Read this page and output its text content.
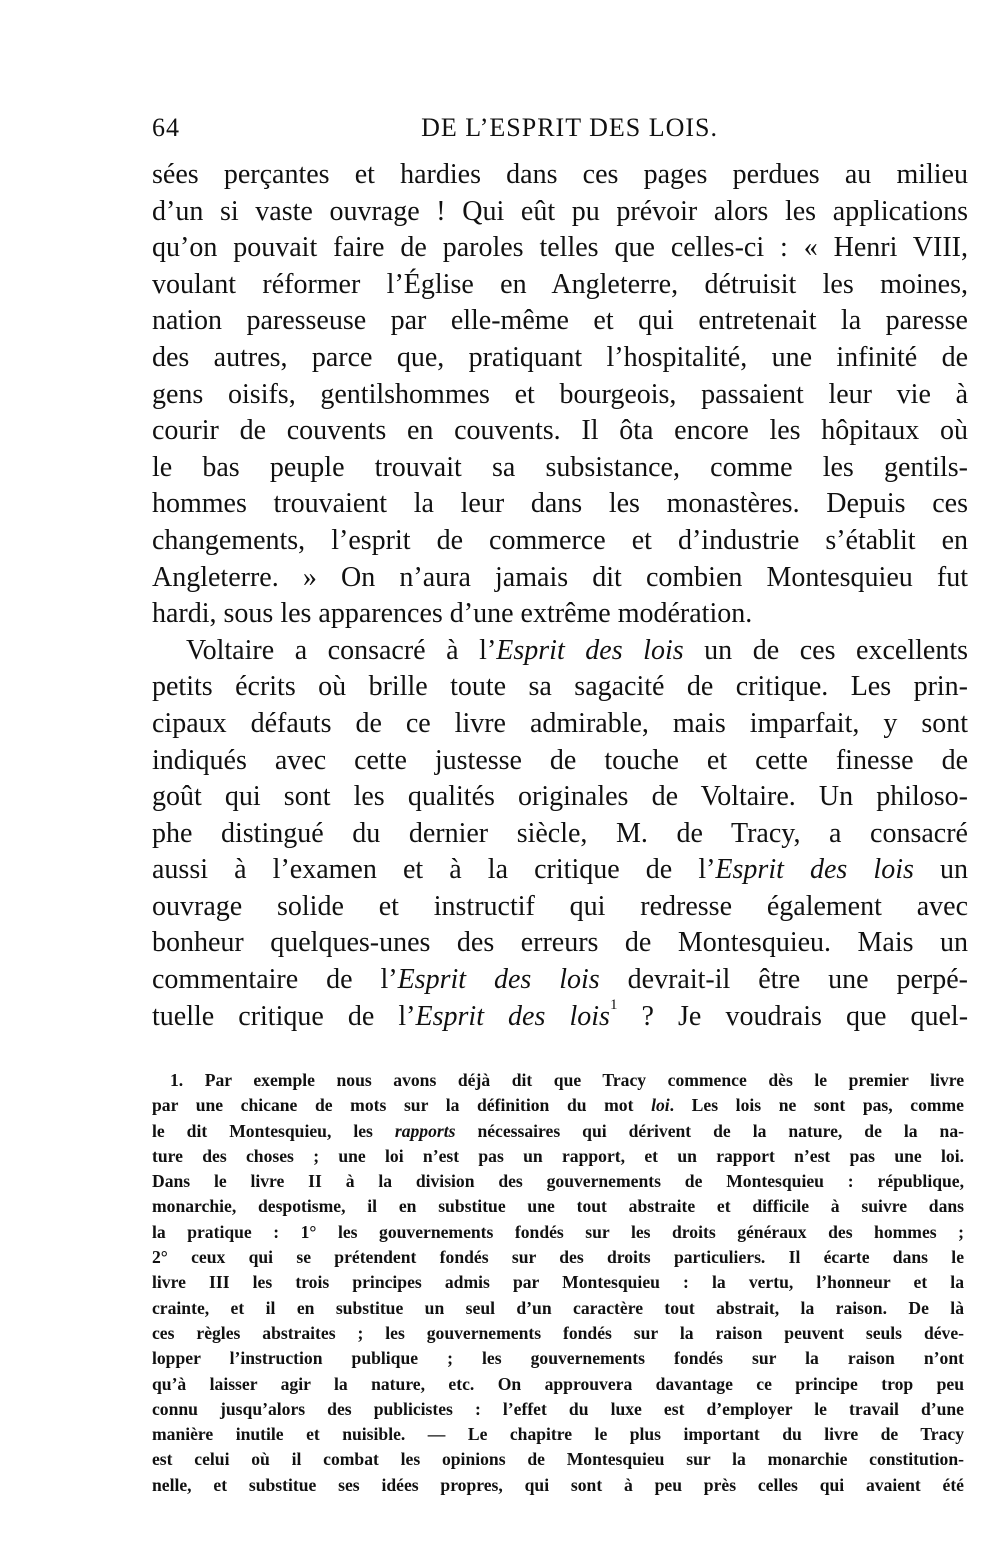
64	DE L’ESPRIT DES LOIS.
sées perçantes et hardies dans ces pages perdues au milieu
d’un si vaste ouvrage ! Qui eût pu prévoir alors les applications
qu’on pouvait faire de paroles telles que celles-ci : « Henri VIII,
voulant réformer l’Église en Angleterre, détruisit les moines,
nation paresseuse par elle-même et qui entretenait la paresse
des autres, parce que, pratiquant l’hospitalité, une infinité de
gens oisifs, gentilshommes et bourgeois, passaient leur vie à
courir de couvents en couvents. Il ôta encore les hôpitaux où
le bas peuple trouvait sa subsistance, comme les gentils-
hommes trouvaient la leur dans les monastères. Depuis ces
changements, l’esprit de commerce et d’industrie s’établit en
Angleterre. » On n’aura jamais dit combien Montesquieu fut
hardi, sous les apparences d’une extrême modération.
Voltaire a consacré à l’Esprit des lois un de ces excellents
petits écrits où brille toute sa sagacité de critique. Les prin-
cipaux défauts de ce livre admirable, mais imparfait, y sont
indiqués avec cette justesse de touche et cette finesse de
goût qui sont les qualités originales de Voltaire. Un philoso-
phe distingué du dernier siècle, M. de Tracy, a consacré
aussi à l’examen et à la critique de l’Esprit des lois un
ouvrage solide et instructif qui redresse également avec
bonheur quelques-unes des erreurs de Montesquieu. Mais un
commentaire de l’Esprit des lois devrait-il être une perpé-
tuelle critique de l’Esprit des lois$^1$ ? Je voudrais que quel-
1. Par exemple nous avons déjà dit que Tracy commence dès le premier livre
par une chicane de mots sur la définition du mot loi. Les lois ne sont pas, comme
le dit Montesquieu, les rapports nécessaires qui dérivent de la nature, de la na-
ture des choses ; une loi n’est pas un rapport, et un rapport n’est pas une loi.
Dans le livre II à la division des gouvernements de Montesquieu : république,
monarchie, despotisme, il en substitue une tout abstraite et difficile à suivre dans
la pratique : 1° les gouvernements fondés sur les droits généraux des hommes ;
2° ceux qui se prétendent fondés sur des droits particuliers. Il écarte dans le
livre III les trois principes admis par Montesquieu : la vertu, l’honneur et la
crainte, et il en substitue un seul d’un caractère tout abstrait, la raison. De là
ces règles abstraites ; les gouvernements fondés sur la raison peuvent seuls déve-
lopper l’instruction publique ; les gouvernements fondés sur la raison n’ont
qu’à laisser agir la nature, etc. On approuvera davantage ce principe trop peu
connu jusqu’alors des publicistes : l’effet du luxe est d’employer le travail d’une
manière inutile et nuisible. — Le chapitre le plus important du livre de Tracy
est celui où il combat les opinions de Montesquieu sur la monarchie constitution-
nelle, et substitue ses idées propres, qui sont à peu près celles qui avaient été
